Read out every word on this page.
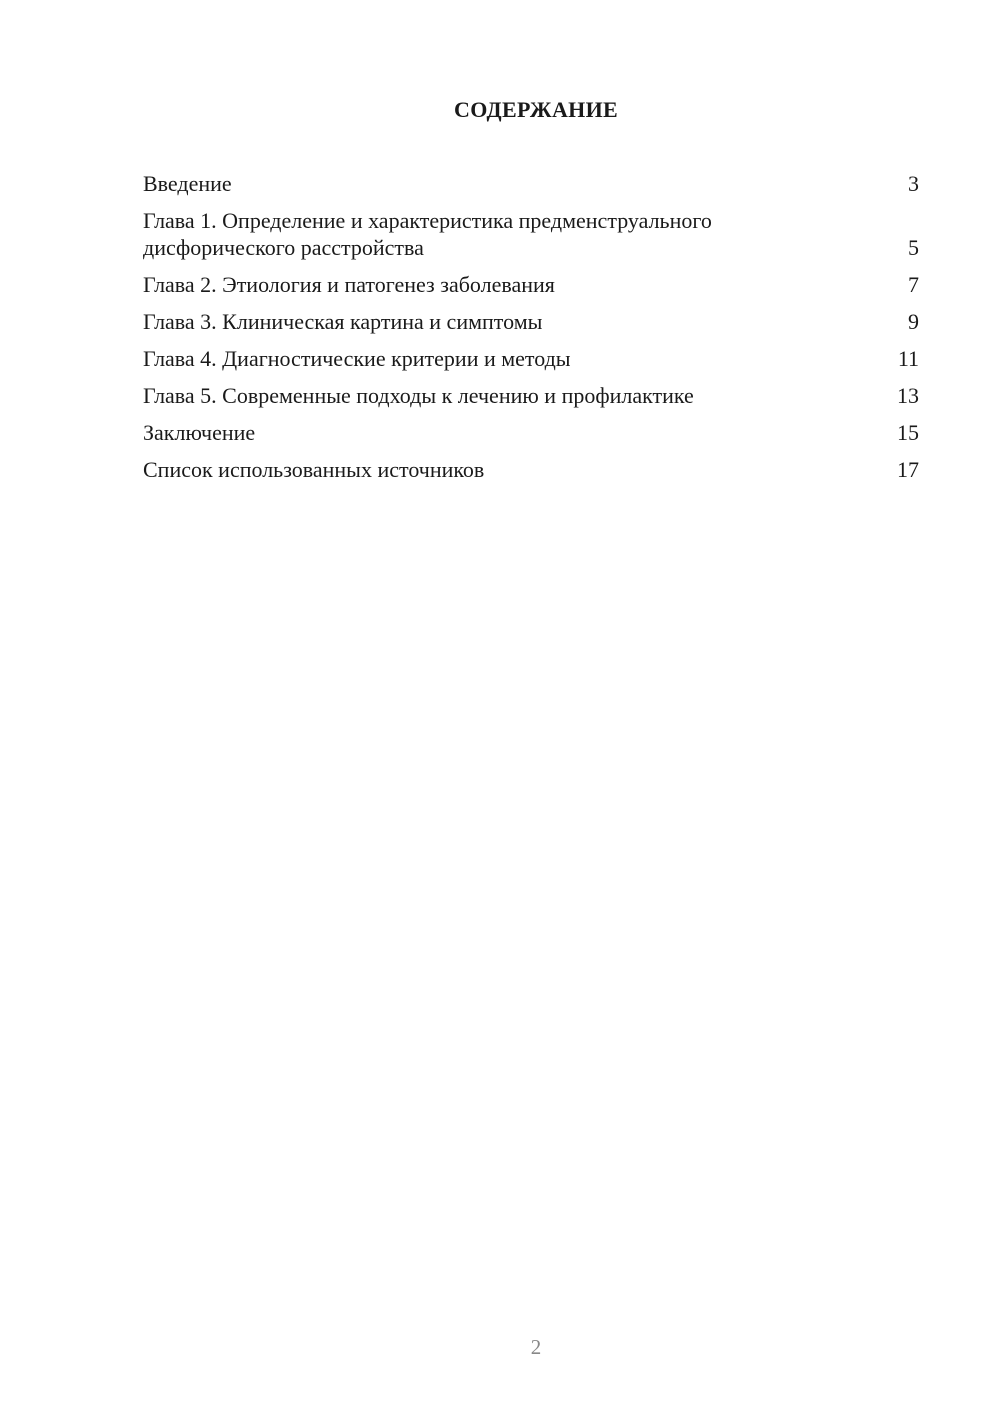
СОДЕРЖАНИЕ
Введение	3
Глава 1. Определение и характеристика предменструального
дисфорического расстройства	5
Глава 2. Этиология и патогенез заболевания	7
Глава 3. Клиническая картина и симптомы	9
Глава 4. Диагностические критерии и методы	11
Глава 5. Современные подходы к лечению и профилактике	13
Заключение	15
Список использованных источников	17
2
